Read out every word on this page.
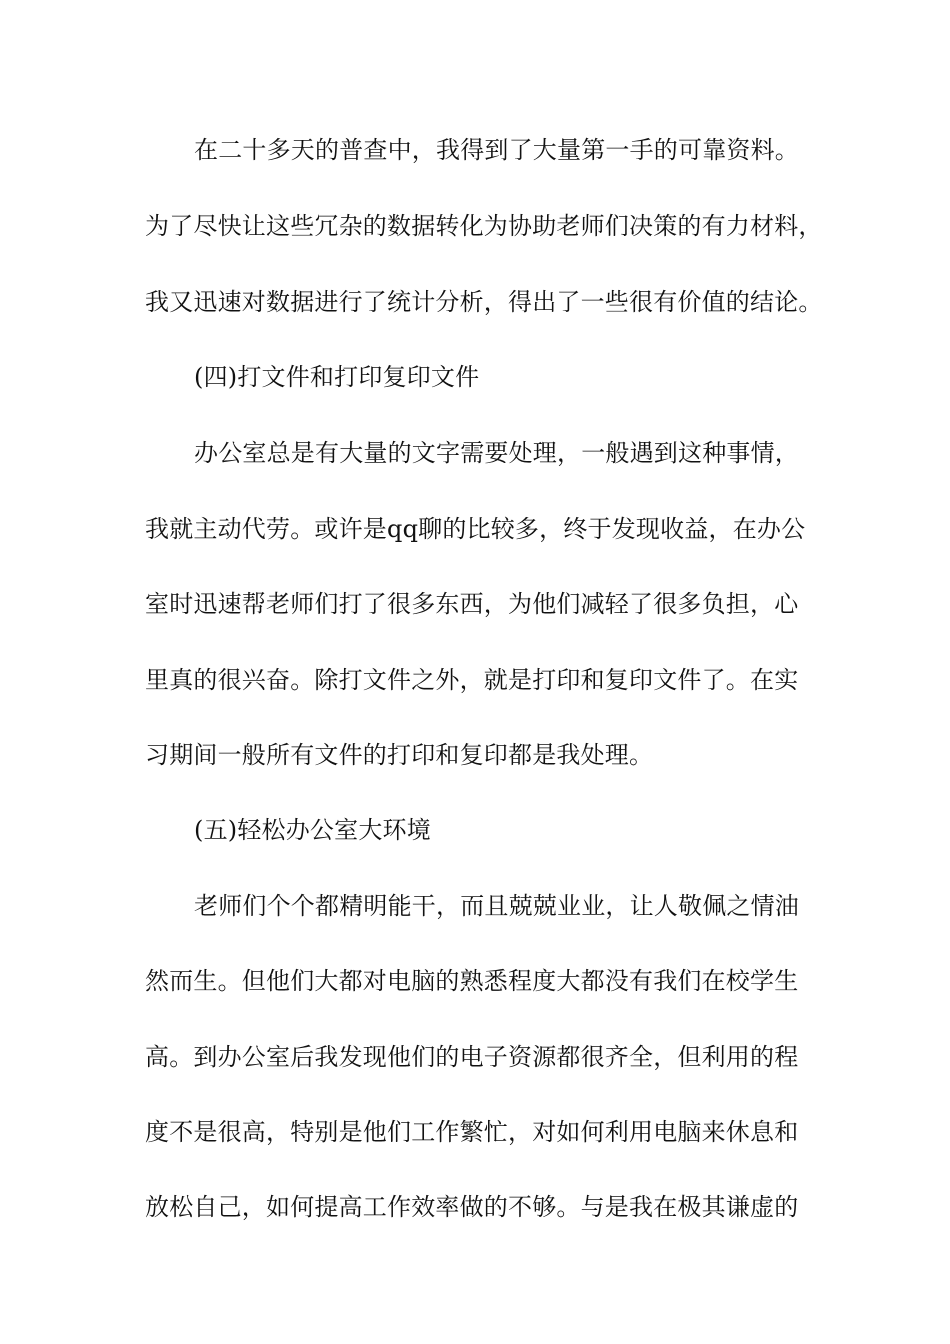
在二十多天的普查中，我得到了大量第一手的可靠资料。
为了尽快让这些冗杂的数据转化为协助老师们决策的有力材料，
我又迅速对数据进行了统计分析，得出了一些很有价值的结论。
(四)打文件和打印复印文件
办公室总是有大量的文字需要处理，一般遇到这种事情，
我就主动代劳。或许是qq聊的比较多，终于发现收益，在办公
室时迅速帮老师们打了很多东西，为他们减轻了很多负担，心
里真的很兴奋。除打文件之外，就是打印和复印文件了。在实
习期间一般所有文件的打印和复印都是我处理。
(五)轻松办公室大环境
老师们个个都精明能干，而且兢兢业业，让人敬佩之情油
然而生。但他们大都对电脑的熟悉程度大都没有我们在校学生
高。到办公室后我发现他们的电子资源都很齐全，但利用的程
度不是很高，特别是他们工作繁忙，对如何利用电脑来休息和
放松自己，如何提高工作效率做的不够。与是我在极其谦虚的
